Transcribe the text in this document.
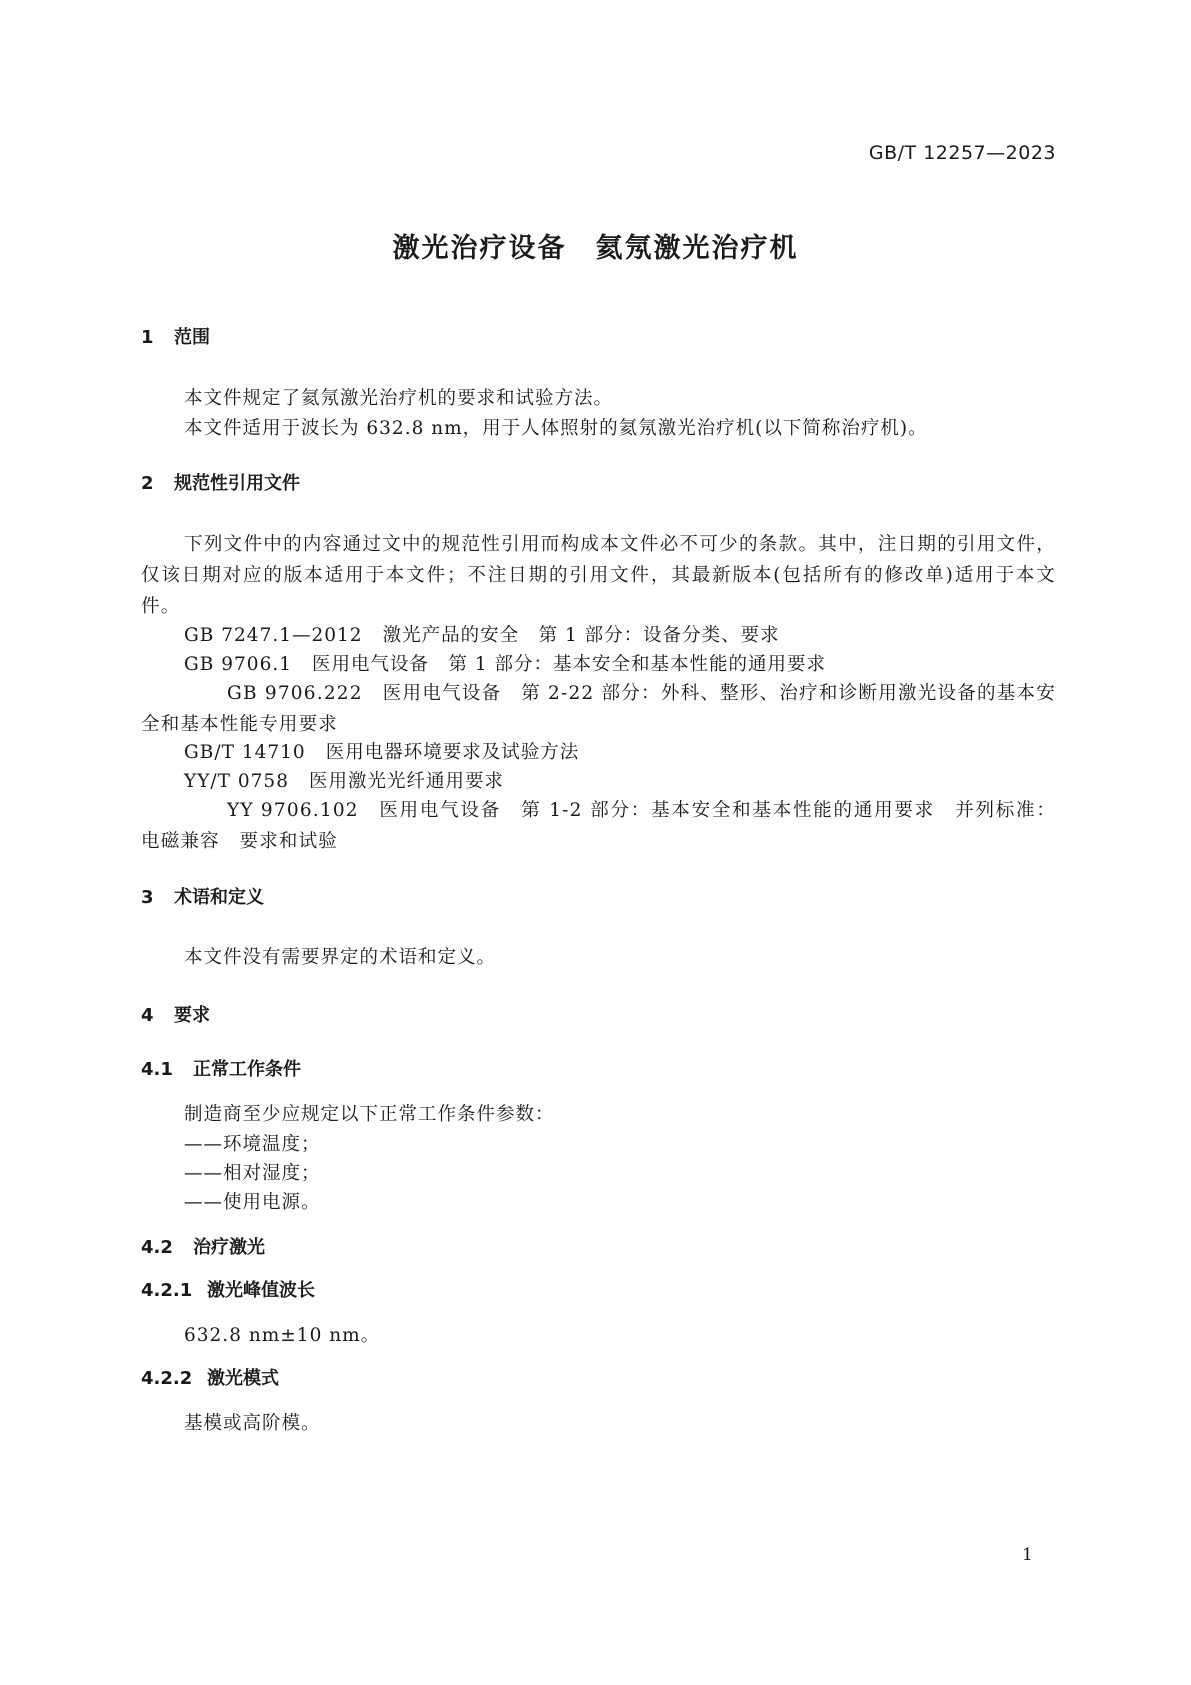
GB/T 12257—2023
激光治疗设备　氦氖激光治疗机
1 范围

本文件规定了氦氖激光治疗机的要求和试验方法。

本文件适用于波长为 632.8 nm，用于人体照射的氦氖激光治疗机(以下简称治疗机)。

2 规范性引用文件

下列文件中的内容通过文中的规范性引用而构成本文件必不可少的条款。其中，注日期的引用文件，仅该日期对应的版本适用于本文件；不注日期的引用文件，其最新版本(包括所有的修改单)适用于本文件。

GB 7247.1—2012 激光产品的安全　第 1 部分：设备分类、要求

GB 9706.1 医用电气设备　第 1 部分：基本安全和基本性能的通用要求

GB 9706.222 医用电气设备　第 2-22 部分：外科、整形、治疗和诊断用激光设备的基本安全和基本性能专用要求

GB/T 14710 医用电器环境要求及试验方法

YY/T 0758 医用激光光纤通用要求

YY 9706.102 医用电气设备　第 1-2 部分：基本安全和基本性能的通用要求　并列标准：电磁兼容　要求和试验
3 术语和定义

本文件没有需要界定的术语和定义。

4 要求
4.1 正常工作条件

制造商至少应规定以下正常工作条件参数：

——环境温度；

——相对湿度；

——使用电源。

4.2 治疗激光
4.2.1 激光峰值波长

632.8 nm±10 nm。

4.2.2 激光模式

基模或高阶模。

1
